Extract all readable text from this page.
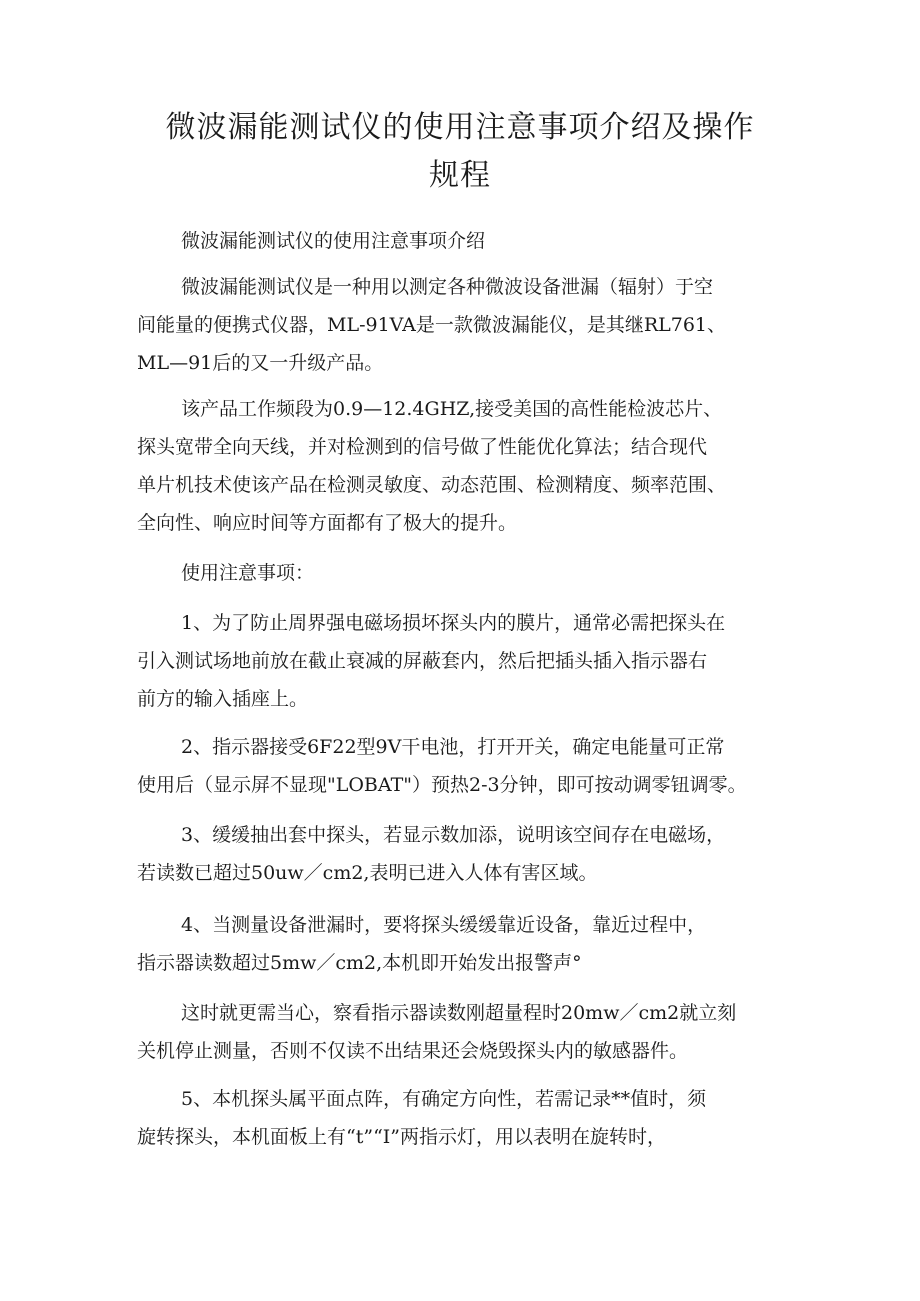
微波漏能测试仪的使用注意事项介绍及操作
规程

微波漏能测试仪的使用注意事项介绍

微波漏能测试仪是一种用以测定各种微波设备泄漏（辐射）于空
间能量的便携式仪器，ML-91VA是一款微波漏能仪，是其继RL761、
ML—91后的又一升级产品。

该产品工作频段为0.9—12.4GHZ,接受美国的高性能检波芯片、
探头宽带全向天线，并对检测到的信号做了性能优化算法；结合现代
单片机技术使该产品在检测灵敏度、动态范围、检测精度、频率范围、
全向性、响应时间等方面都有了极大的提升。

使用注意事项：

1、为了防止周界强电磁场损坏探头内的膜片，通常必需把探头在
引入测试场地前放在截止衰减的屏蔽套内，然后把插头插入指示器右
前方的输入插座上。

2、指示器接受6F22型9V干电池，打开开关，确定电能量可正常
使用后（显示屏不显现"LOBAT"）预热2-3分钟，即可按动调零钮调零。

3、缓缓抽出套中探头，若显示数加添，说明该空间存在电磁场，
若读数已超过50uw／cm2,表明已进入人体有害区域。

4、当测量设备泄漏时，要将探头缓缓靠近设备，靠近过程中，
指示器读数超过5mw／cm2,本机即开始发出报警声°

这时就更需当心，察看指示器读数刚超量程时20mw／cm2就立刻
关机停止测量，否则不仅读不出结果还会烧毁探头内的敏感器件。

5、本机探头属平面点阵，有确定方向性，若需记录**值时，须
旋转探头，本机面板上有“t”“I”两指示灯，用以表明在旋转时，
